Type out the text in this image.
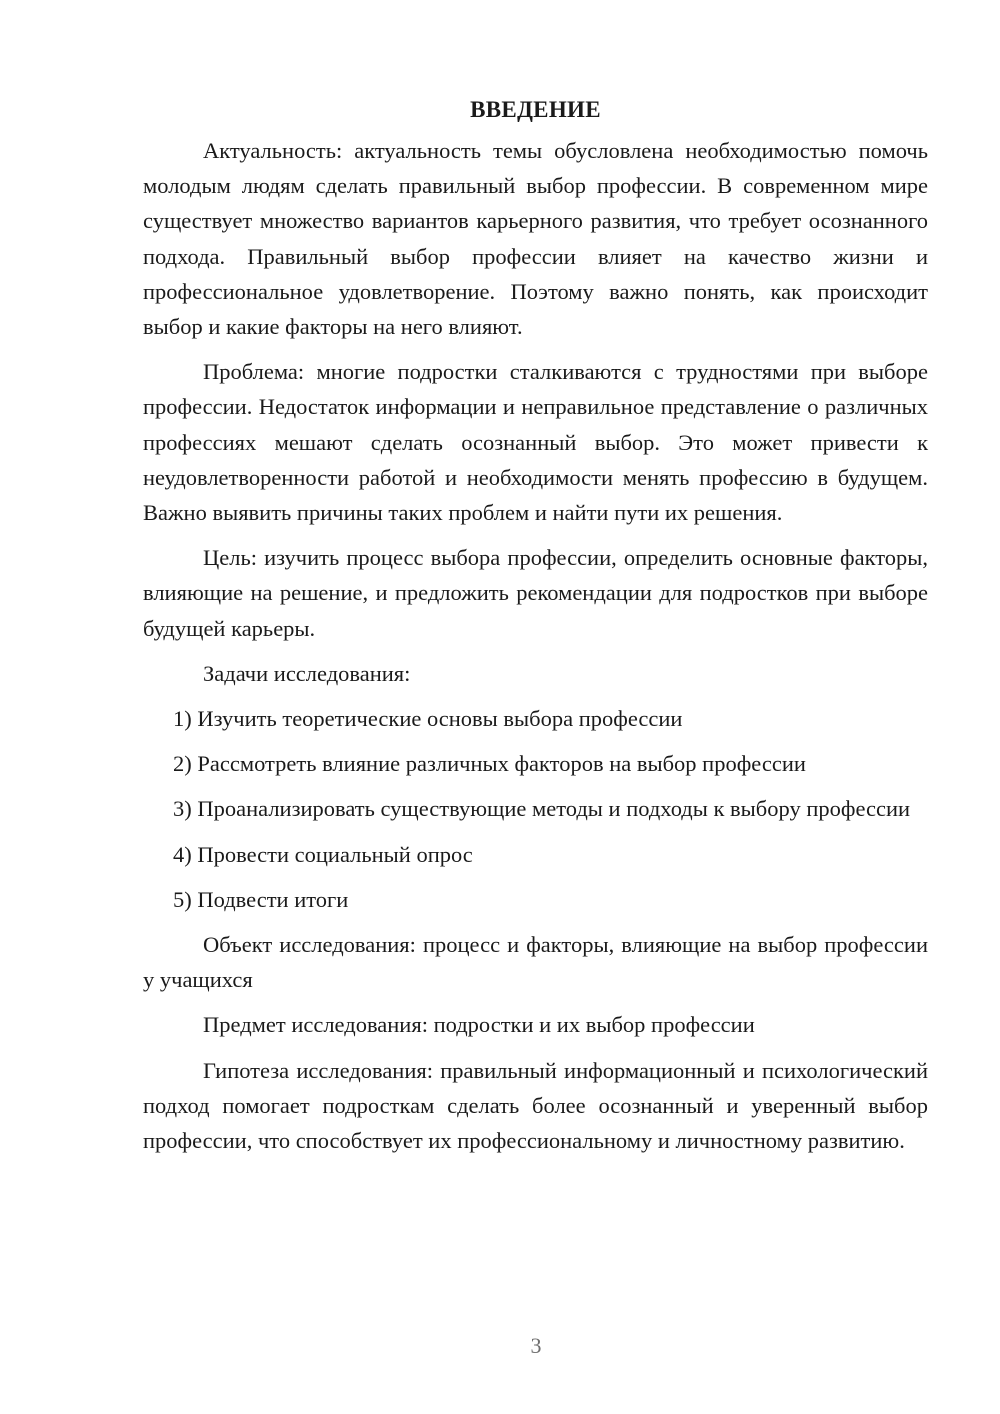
ВВЕДЕНИЕ

Актуальность: актуальность темы обусловлена необходимостью помочь молодым людям сделать правильный выбор профессии. В современном мире существует множество вариантов карьерного развития, что требует осознанного подхода. Правильный выбор профессии влияет на качество жизни и профессиональное удовлетворение. Поэтому важно понять, как происходит выбор и какие факторы на него влияют.

Проблема: многие подростки сталкиваются с трудностями при выборе профессии. Недостаток информации и неправильное представление о различных профессиях мешают сделать осознанный выбор. Это может привести к неудовлетворенности работой и необходимости менять профессию в будущем. Важно выявить причины таких проблем и найти пути их решения.

Цель: изучить процесс выбора профессии, определить основные факторы, влияющие на решение, и предложить рекомендации для подростков при выборе будущей карьеры.

Задачи исследования:

1) Изучить теоретические основы выбора профессии

2) Рассмотреть влияние различных факторов на выбор профессии

3) Проанализировать существующие методы и подходы к выбору профессии

4) Провести социальный опрос

5) Подвести итоги

Объект исследования: процесс и факторы, влияющие на выбор профессии у учащихся

Предмет исследования: подростки и их выбор профессии

Гипотеза исследования: правильный информационный и психологический подход помогает подросткам сделать более осознанный и уверенный выбор профессии, что способствует их профессиональному и личностному развитию.

3
